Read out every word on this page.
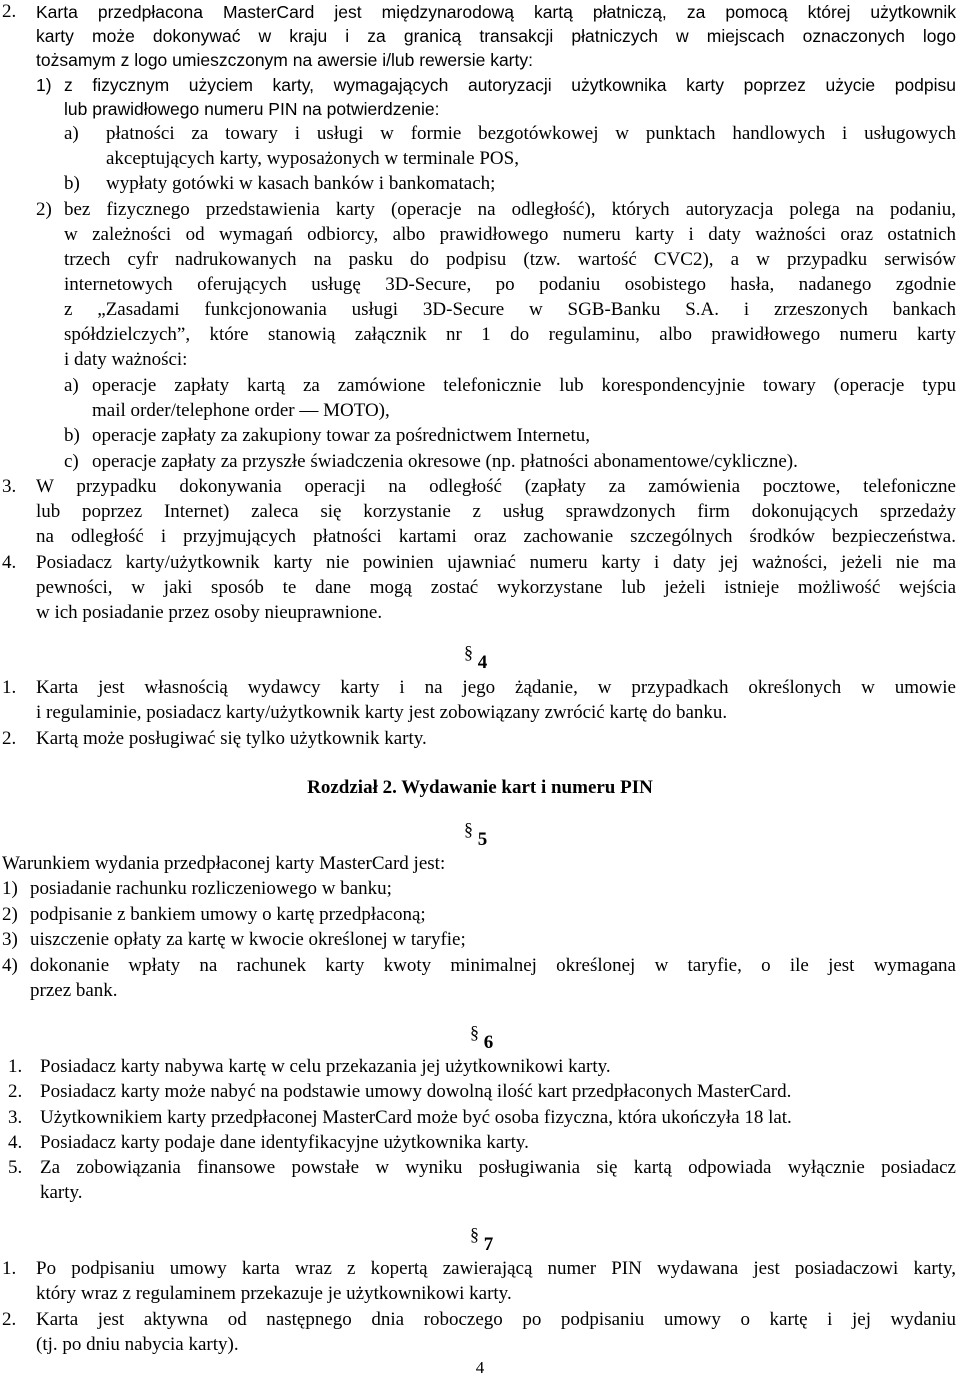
2. Karta przedpłacona MasterCard jest międzynarodową kartą płatniczą, za pomocą której użytkownik
karty może dokonywać w kraju i za granicą transakcji płatniczych w miejscach oznaczonych logo
tożsamym z logo umieszczonym na awersie i/lub rewersie karty:
1) z fizycznym użyciem karty, wymagających autoryzacji użytkownika karty poprzez użycie podpisu
lub prawidłowego numeru PIN na potwierdzenie:
a) płatności za towary i usługi w formie bezgotówkowej w punktach handlowych i usługowych
akceptujących karty, wyposażonych w terminale POS,
b) wypłaty gotówki w kasach banków i bankomatach;
2) bez fizycznego przedstawienia karty (operacje na odległość), których autoryzacja polega na podaniu,
w zależności od wymagań odbiorcy, albo prawidłowego numeru karty i daty ważności oraz ostatnich
trzech cyfr nadrukowanych na pasku do podpisu (tzw. wartość CVC2), a w przypadku serwisów
internetowych oferujących usługę 3D-Secure, po podaniu osobistego hasła, nadanego zgodnie
z „Zasadami funkcjonowania usługi 3D-Secure w SGB-Banku S.A. i zrzeszonych bankach
spółdzielczych”, które stanowią załącznik nr 1 do regulaminu, albo prawidłowego numeru karty
i daty ważności:
a) operacje zapłaty kartą za zamówione telefonicznie lub korespondencyjnie towary (operacje typu
mail order/telephone order — MOTO),
b) operacje zapłaty za zakupiony towar za pośrednictwem Internetu,
c) operacje zapłaty za przyszłe świadczenia okresowe (np. płatności abonamentowe/cykliczne).
3. W przypadku dokonywania operacji na odległość (zapłaty za zamówienia pocztowe, telefoniczne
lub poprzez Internet) zaleca się korzystanie z usług sprawdzonych firm dokonujących sprzedaży
na odległość i przyjmujących płatności kartami oraz zachowanie szczególnych środków bezpieczeństwa.
4. Posiadacz karty/użytkownik karty nie powinien ujawniać numeru karty i daty jej ważności, jeżeli nie ma
pewności, w jaki sposób te dane mogą zostać wykorzystane lub jeżeli istnieje możliwość wejścia
w ich posiadanie przez osoby nieuprawnione.
§ 4
1. Karta jest własnością wydawcy karty i na jego żądanie, w przypadkach określonych w umowie
i regulaminie, posiadacz karty/użytkownik karty jest zobowiązany zwrócić kartę do banku.
2. Kartą może posługiwać się tylko użytkownik karty.
Rozdział 2. Wydawanie kart i numeru PIN
§ 5
Warunkiem wydania przedpłaconej karty MasterCard jest:
1) posiadanie rachunku rozliczeniowego w banku;
2) podpisanie z bankiem umowy o kartę przedpłaconą;
3) uiszczenie opłaty za kartę w kwocie określonej w taryfie;
4) dokonanie wpłaty na rachunek karty kwoty minimalnej określonej w taryfie, o ile jest wymagana
przez bank.
§ 6
1. Posiadacz karty nabywa kartę w celu przekazania jej użytkownikowi karty.
2. Posiadacz karty może nabyć na podstawie umowy dowolną ilość kart przedpłaconych MasterCard.
3. Użytkownikiem karty przedpłaconej MasterCard może być osoba fizyczna, która ukończyła 18 lat.
4. Posiadacz karty podaje dane identyfikacyjne użytkownika karty.
5. Za zobowiązania finansowe powstałe w wyniku posługiwania się kartą odpowiada wyłącznie posiadacz
karty.
§ 7
1. Po podpisaniu umowy karta wraz z kopertą zawierającą numer PIN wydawana jest posiadaczowi karty,
który wraz z regulaminem przekazuje je użytkownikowi karty.
2. Karta jest aktywna od następnego dnia roboczego po podpisaniu umowy o kartę i jej wydaniu
(tj. po dniu nabycia karty).
4
